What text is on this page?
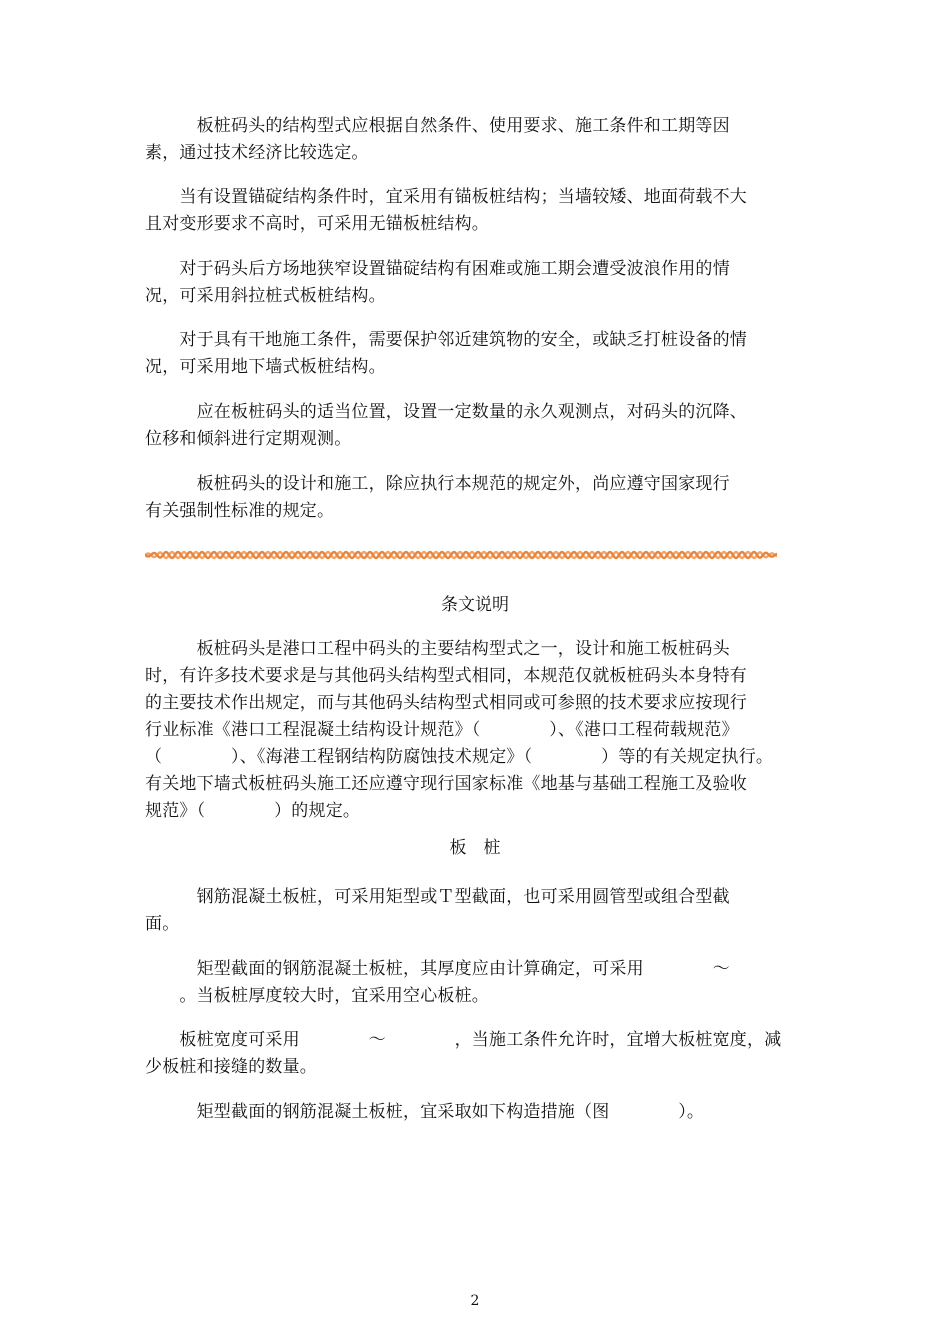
　　　板桩码头的结构型式应根据自然条件、使用要求、施工条件和工期等因
素，通过技术经济比较选定。
　　当有设置锚碇结构条件时，宜采用有锚板桩结构；当墙较矮、地面荷载不大
且对变形要求不高时，可采用无锚板桩结构。
　　对于码头后方场地狭窄设置锚碇结构有困难或施工期会遭受波浪作用的情
况，可采用斜拉桩式板桩结构。
　　对于具有干地施工条件，需要保护邻近建筑物的安全，或缺乏打桩设备的情
况，可采用地下墙式板桩结构。
　　　应在板桩码头的适当位置，设置一定数量的永久观测点，对码头的沉降、
位移和倾斜进行定期观测。
　　　板桩码头的设计和施工，除应执行本规范的规定外，尚应遵守国家现行
有关强制性标准的规定。
条文说明
　　　板桩码头是港口工程中码头的主要结构型式之一，设计和施工板桩码头
时，有许多技术要求是与其他码头结构型式相同，本规范仅就板桩码头本身特有
的主要技术作出规定，而与其他码头结构型式相同或可参照的技术要求应按现行
行业标准《港口工程混凝土结构设计规范》（　　　　）、《港口工程荷载规范》
（　　　　）、《海港工程钢结构防腐蚀技术规定》（　　　　）等的有关规定执行。
有关地下墙式板桩码头施工还应遵守现行国家标准《地基与基础工程施工及验收
规范》（　　　　）的规定。
板　桩
　　　钢筋混凝土板桩，可采用矩型或Ｔ型截面，也可采用圆管型或组合型截
面。
　　　矩型截面的钢筋混凝土板桩，其厚度应由计算确定，可采用　　　　～
　　。当板桩厚度较大时，宜采用空心板桩。
　　板桩宽度可采用　　　　～　　　　，当施工条件允许时，宜增大板桩宽度，减
少板桩和接缝的数量。
　　　矩型截面的钢筋混凝土板桩，宜采取如下构造措施（图　　　　）。
2
